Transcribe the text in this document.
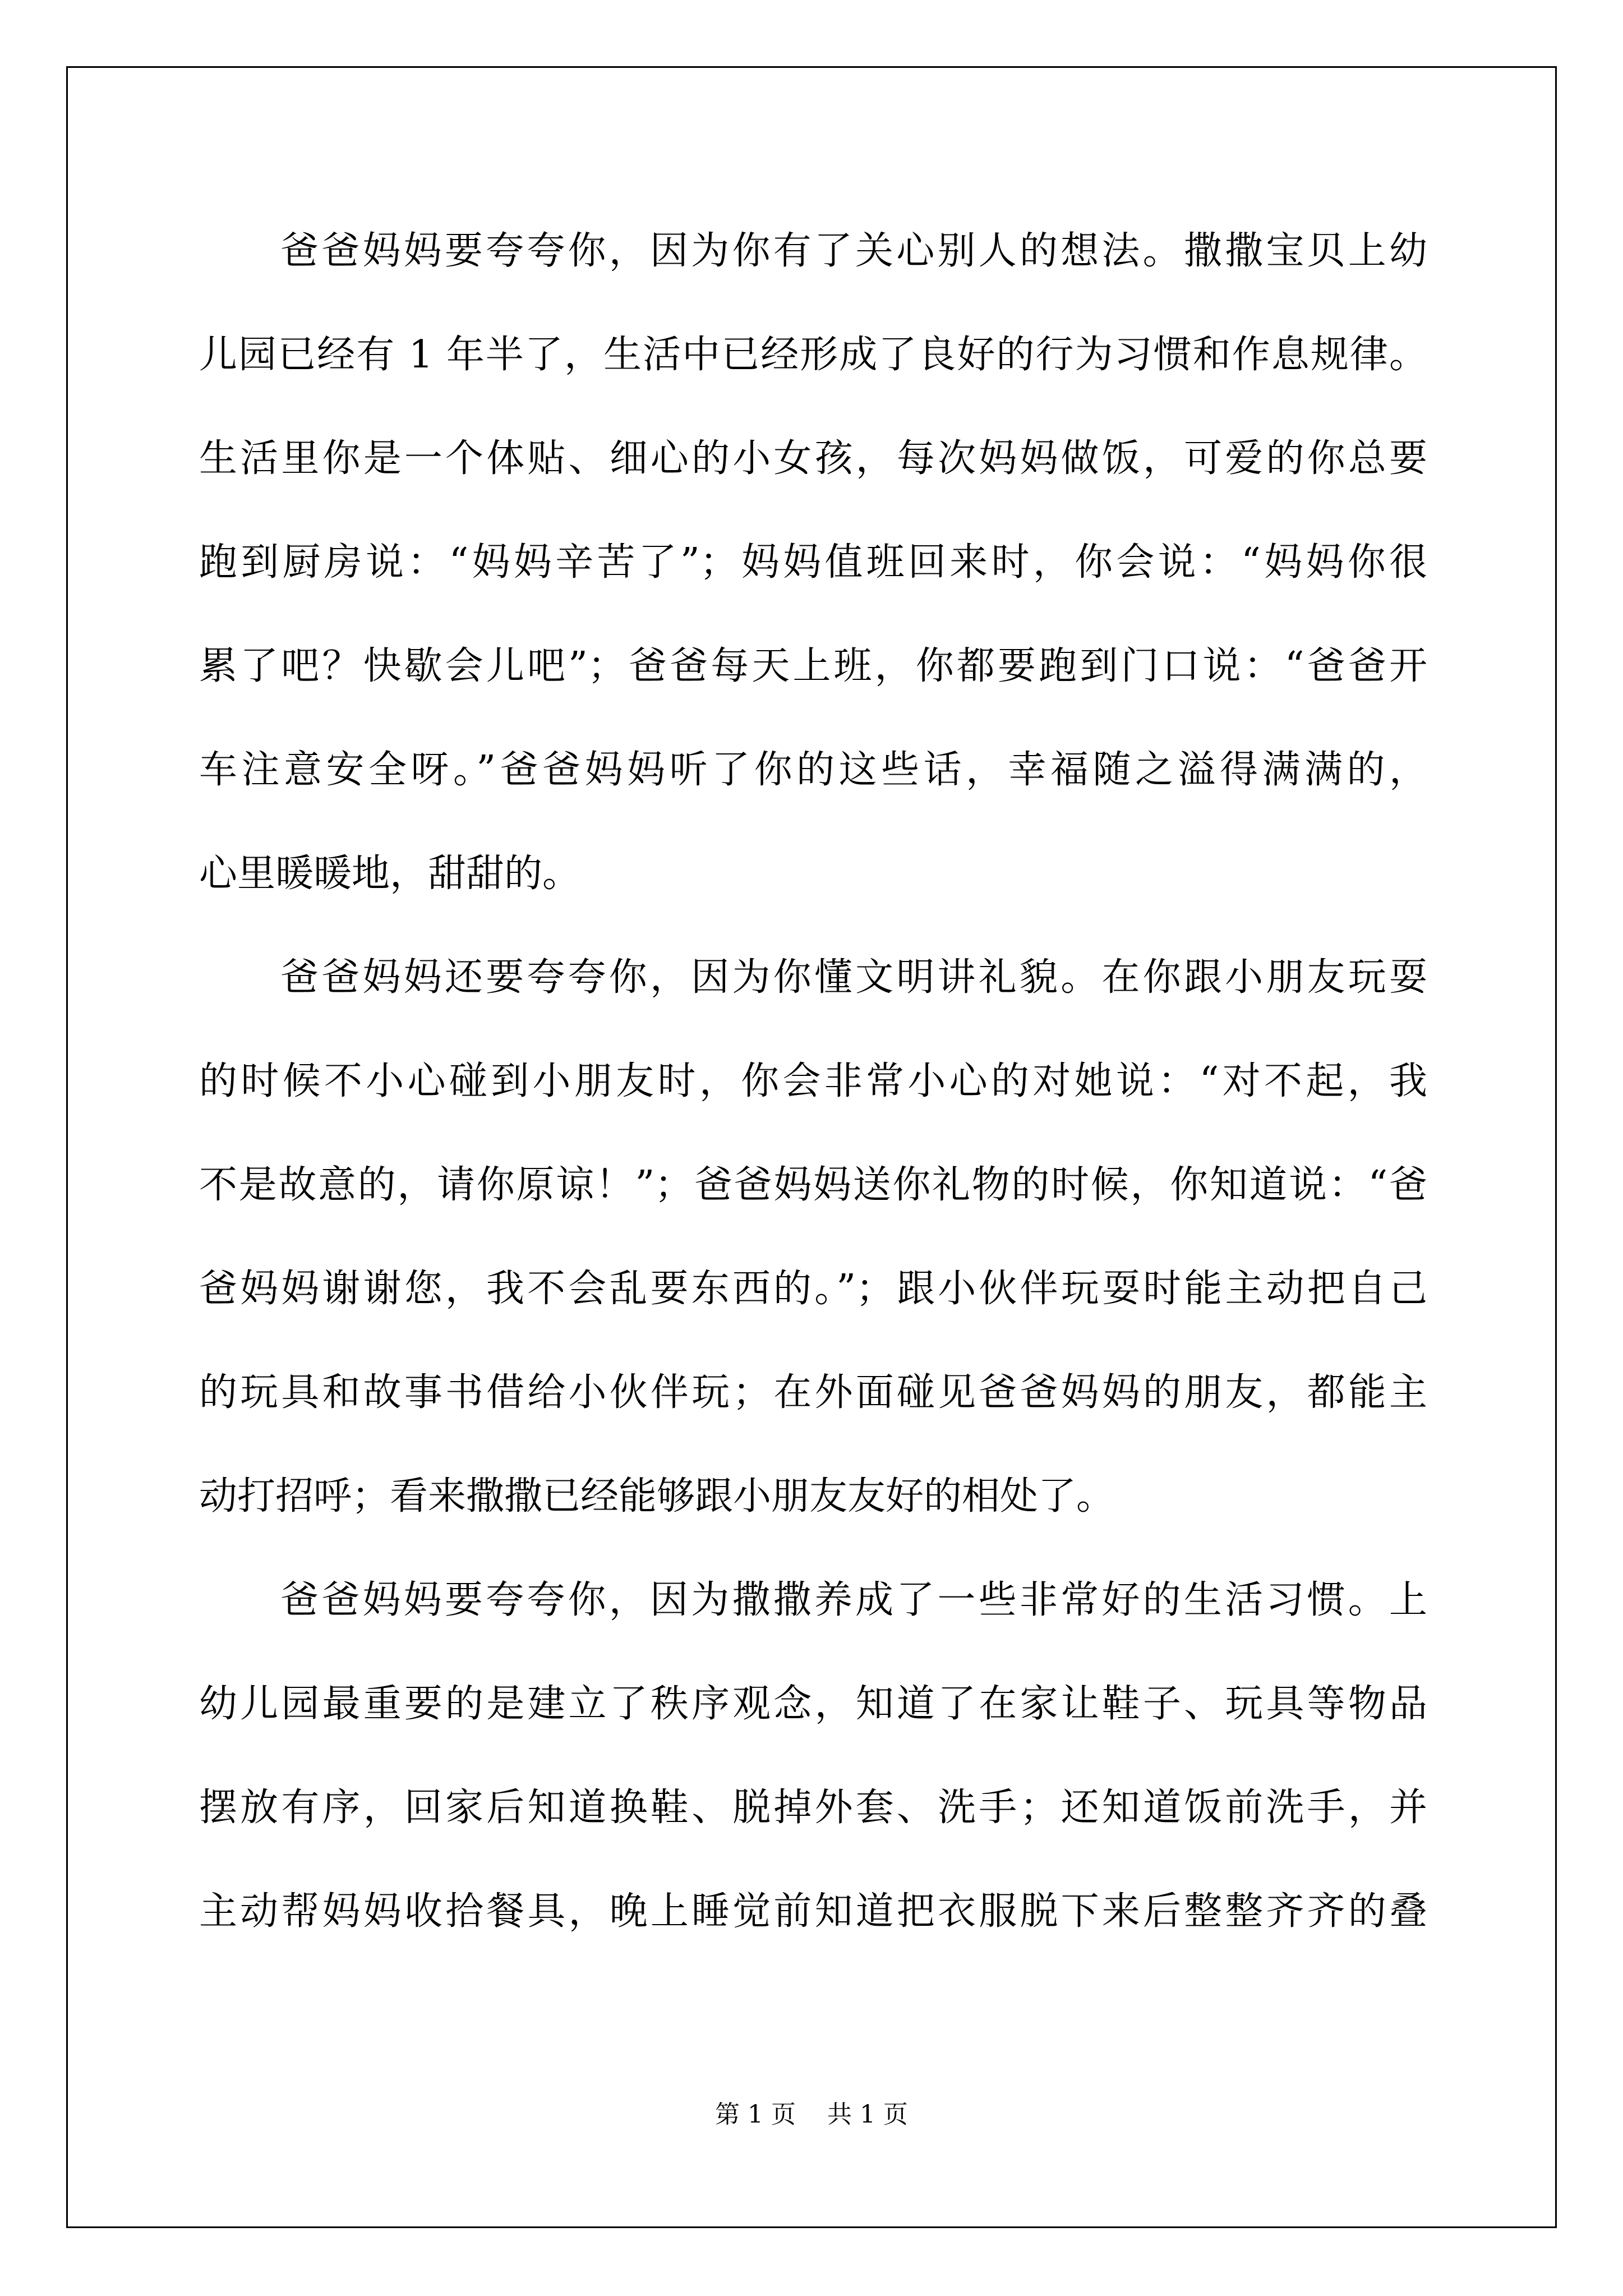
爸爸妈妈要夸夸你，因为你有了关心别人的想法。撒撒宝贝上幼
儿园已经有 1 年半了，生活中已经形成了良好的行为习惯和作息规律。
生活里你是一个体贴、细心的小女孩，每次妈妈做饭，可爱的你总要
跑到厨房说：“妈妈辛苦了”；妈妈值班回来时，你会说：“妈妈你很
累了吧？快歇会儿吧”；爸爸每天上班，你都要跑到门口说：“爸爸开
车注意安全呀。”爸爸妈妈听了你的这些话，幸福随之溢得满满的，
心里暖暖地，甜甜的。
爸爸妈妈还要夸夸你，因为你懂文明讲礼貌。在你跟小朋友玩耍
的时候不小心碰到小朋友时，你会非常小心的对她说：“对不起，我
不是故意的，请你原谅！”；爸爸妈妈送你礼物的时候，你知道说：“爸
爸妈妈谢谢您，我不会乱要东西的。”；跟小伙伴玩耍时能主动把自己
的玩具和故事书借给小伙伴玩；在外面碰见爸爸妈妈的朋友，都能主
动打招呼；看来撒撒已经能够跟小朋友友好的相处了。
爸爸妈妈要夸夸你，因为撒撒养成了一些非常好的生活习惯。上
幼儿园最重要的是建立了秩序观念，知道了在家让鞋子、玩具等物品
摆放有序，回家后知道换鞋、脱掉外套、洗手；还知道饭前洗手，并
主动帮妈妈收拾餐具，晚上睡觉前知道把衣服脱下来后整整齐齐的叠
第 1 页    共 1 页
